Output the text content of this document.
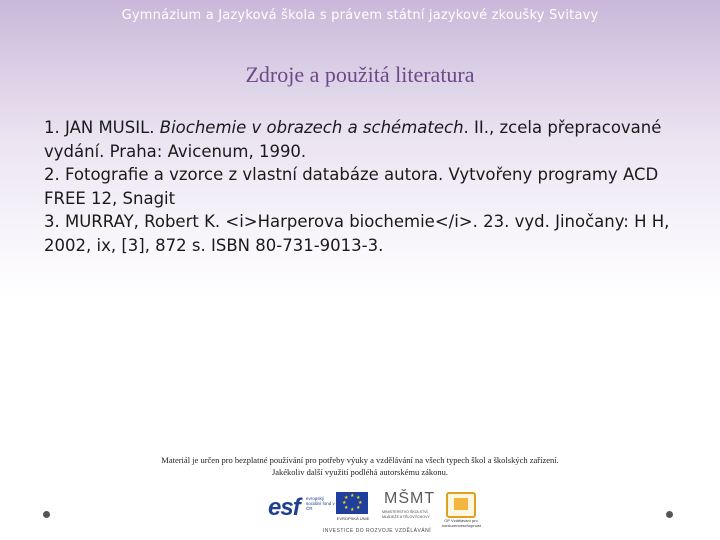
Gymnázium a Jazyková škola s právem státní jazykové zkoušky Svitavy
Zdroje a použitá literatura

1. JAN MUSIL. Biochemie v obrazech a schématech. II., zcela přepracované vydání. Praha: Avicenum, 1990.

2. Fotografie a vzorce z vlastní databáze autora. Vytvořeny programy ACD FREE 12, Snagit

3. MURRAY, Robert K. <i>Harperova biochemie</i>. 23. vyd. Jinočany: H H, 2002, ix, [3], 872 s. ISBN 80-731-9013-3.

Materiál je určen pro bezplatné používání pro potřeby výuky a vzdělávání na všech typech škol a školských zařízení.
Jakékoliv další využití podléhá autorskému zákonu.
esf evropský sociální fond v ČR
★ ★
★
★
★
★
★
★
EVROPSKÁ UNIE
MŠMT
MINISTERSTVO ŠKOLSTVÍ, MLÁDEŽE A TĚLOVÝCHOVY
OP Vzdělávání pro konkurenceschopnost
INVESTICE DO ROZVOJE VZDĚLÁVÁNÍ
